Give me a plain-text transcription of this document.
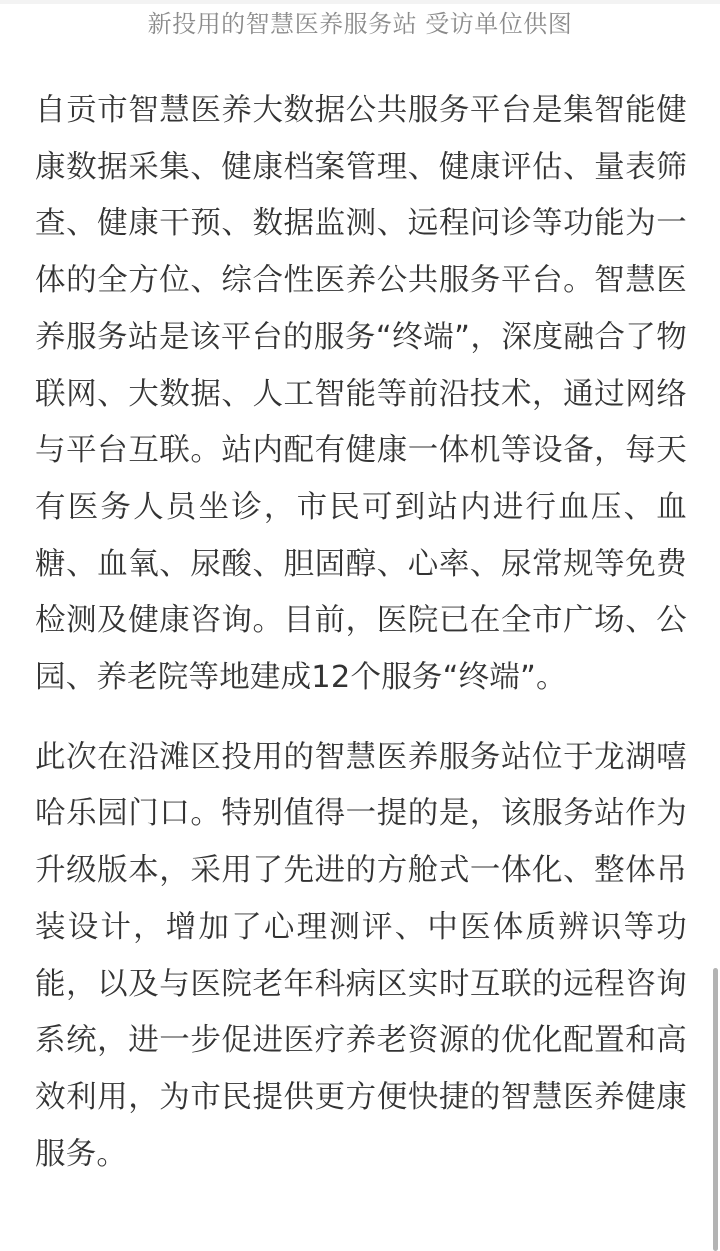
新投用的智慧医养服务站 受访单位供图

自贡市智慧医养大数据公共服务平台是集智能健康数据采集、健康档案管理、健康评估、量表筛查、健康干预、数据监测、远程问诊等功能为一体的全方位、综合性医养公共服务平台。智慧医养服务站是该平台的服务“终端”，深度融合了物联网、大数据、人工智能等前沿技术，通过网络与平台互联。站内配有健康一体机等设备，每天有医务人员坐诊，市民可到站内进行血压、血糖、血氧、尿酸、胆固醇、心率、尿常规等免费检测及健康咨询。目前，医院已在全市广场、公园、养老院等地建成12个服务“终端”。

此次在沿滩区投用的智慧医养服务站位于龙湖嘻哈乐园门口。特别值得一提的是，该服务站作为升级版本，采用了先进的方舱式一体化、整体吊装设计，增加了心理测评、中医体质辨识等功能，以及与医院老年科病区实时互联的远程咨询系统，进一步促进医疗养老资源的优化配置和高效利用，为市民提供更方便快捷的智慧医养健康服务。
